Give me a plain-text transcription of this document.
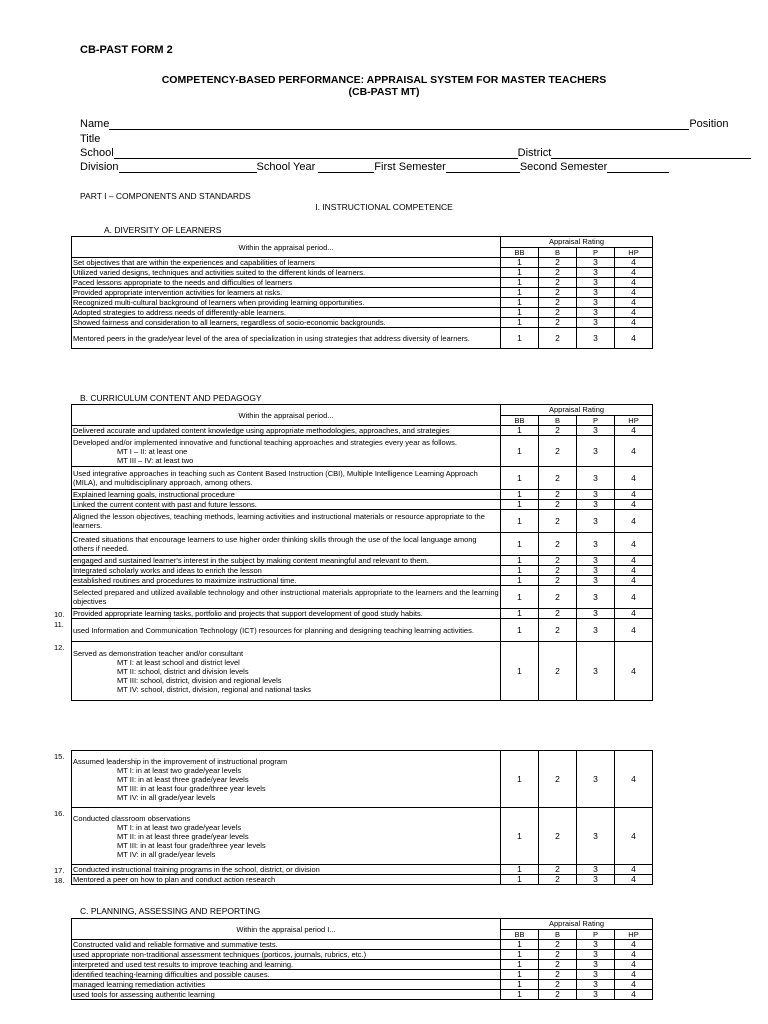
CB-PAST FORM 2
COMPETENCY-BASED PERFORMANCE: APPRAISAL SYSTEM FOR MASTER TEACHERS
(CB-PAST MT)
Name	Position
Title
School	District
Division	School Year	First Semester	Second Semester
PART I – COMPONENTS AND STANDARDS
I. INSTRUCTIONAL COMPETENCE
A. DIVERSITY OF LEARNERS
Within the appraisal period...	Appraisal Rating			
	BB	B	P	HP
Set objectives that are within the experiences and capabilities of learners	1	2	3	4
Utilized varied designs, techniques and activities suited to the different kinds of learners.	1	2	3	4
Paced lessons appropriate to the needs and difficulties of learners	1	2	3	4
Provided appropriate intervention activities for learners at risks.	1	2	3	4
Recognized multi-cultural background of learners when providing learning opportunities.	1	2	3	4
Adopted strategies to address needs of differently-able learners.	1	2	3	4
Showed fairness and consideration to all learners, regardless of socio-economic backgrounds.	1	2	3	4
Mentored peers in the grade/year level of the area of specialization in using strategies that address diversity of learners.	1	2	3	4
B. CURRICULUM CONTENT AND PEDAGOGY
Within the appraisal period...	Appraisal Rating			
	BB	B	P	HP
Delivered accurate and updated content knowledge using appropriate methodologies, approaches, and strategies	1	2	3	4
Developed and/or implemented innovative and functional teaching approaches and strategies every year as follows.
MT I – II: at least one
MT III – IV: at least two	1	2	3	4
Used integrative approaches in teaching such as Content Based Instruction (CBI), Multiple Intelligence Learning Approach (MILA), and multidisciplinary approach, among others.	1	2	3	4
Explained learning goals, instructional procedure	1	2	3	4
Linked the current content with past and future lessons.	1	2	3	4
Aligned the lesson objectives, teaching methods, learning activities and instructional materials or resource appropriate to the learners.	1	2	3	4
Created situations that encourage learners to use higher order thinking skills through the use of the local language among others if needed.	1	2	3	4
engaged and sustained learner's interest in the subject by making content meaningful and relevant to them.	1	2	3	4
Integrated scholarly works and ideas to enrich the lesson	1	2	3	4
established routines and procedures to maximize instructional time.	1	2	3	4
Selected prepared and utilized available technology and other instructional materials appropriate to the learners and the learning objectives	1	2	3	4
Provided appropriate learning tasks, portfolio and projects that support development of good study habits.	1	2	3	4
used Information and Communication Technology (ICT) resources for planning and designing teaching learning activities.	1	2	3	4
Served as demonstration teacher and/or consultant
MT I: at least school and district level
MT II: school, district and division levels
MT III: school, district, division and regional levels
MT IV: school, district, division, regional and national tasks	1	2	3	4
Assumed leadership in the improvement of instructional program
MT I: in at least two grade/year levels
MT II: in at least three grade/year levels
MT III: in at least four grade/three year levels
MT IV: in all grade/year levels	1	2	3	4
Conducted classroom observations
MT I: in at least two grade/year levels
MT II: in at least three grade/year levels
MT III: in at least four grade/three year levels
MT IV: in all grade/year levels	1	2	3	4
Conducted instructional training programs in the school, district, or division	1	2	3	4
Mentored a peer on how to plan and conduct action research	1	2	3	4
C. PLANNING, ASSESSING AND REPORTING
Within the appraisal period I...	Appraisal Rating			
	BB	B	P	HP
Constructed valid and reliable formative and summative tests.	1	2	3	4
used appropriate non-traditional assessment techniques (porticos, journals, rubrics, etc.)	1	2	3	4
interpreted and used test results to improve teaching and learning.	1	2	3	4
identified teaching-learning difficulties and possible causes.	1	2	3	4
managed learning remediation activities	1	2	3	4
used tools for assessing authentic learning	1	2	3	4
10.
11.
12.
15.
16.
17.
18.
